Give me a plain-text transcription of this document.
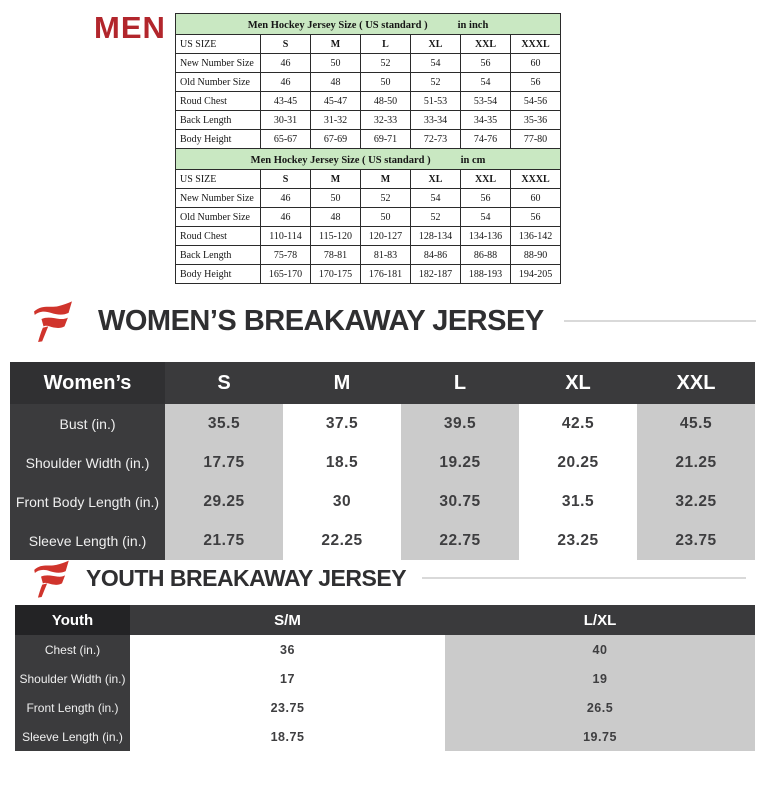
MEN	Men Hockey Jersey Size ( US standard ) in inch						
US SIZE	S	M	L	XL	XXL	XXXL
New Number Size	46	50	52	54	56	60
Old Number Size	46	48	50	52	54	56
Roud Chest	43-45	45-47	48-50	51-53	53-54	54-56
Back Length	30-31	31-32	32-33	33-34	34-35	35-36
Body Height	65-67	67-69	69-71	72-73	74-76	77-80
Men Hockey Jersey Size ( US standard ) in cm						
US SIZE	S	M	M	XL	XXL	XXXL
New Number Size	46	50	52	54	56	60
Old Number Size	46	48	50	52	54	56
Roud Chest	110-114	115-120	120-127	128-134	134-136	136-142
Back Length	75-78	78-81	81-83	84-86	86-88	88-90
Body Height	165-170	170-175	176-181	182-187	188-193	194-205
WOMEN’S BREAKAWAY JERSEY
Women’s	S	M	L	XL	XXL
Bust (in.)	35.5	37.5	39.5	42.5	45.5
Shoulder Width (in.)	17.75	18.5	19.25	20.25	21.25
Front Body Length (in.)	29.25	30	30.75	31.5	32.25
Sleeve Length (in.)	21.75	22.25	22.75	23.25	23.75
YOUTH BREAKAWAY JERSEY
Youth	S/M	L/XL
Chest (in.)	36	40
Shoulder Width (in.)	17	19
Front Length (in.)	23.75	26.5
Sleeve Length (in.)	18.75	19.75
